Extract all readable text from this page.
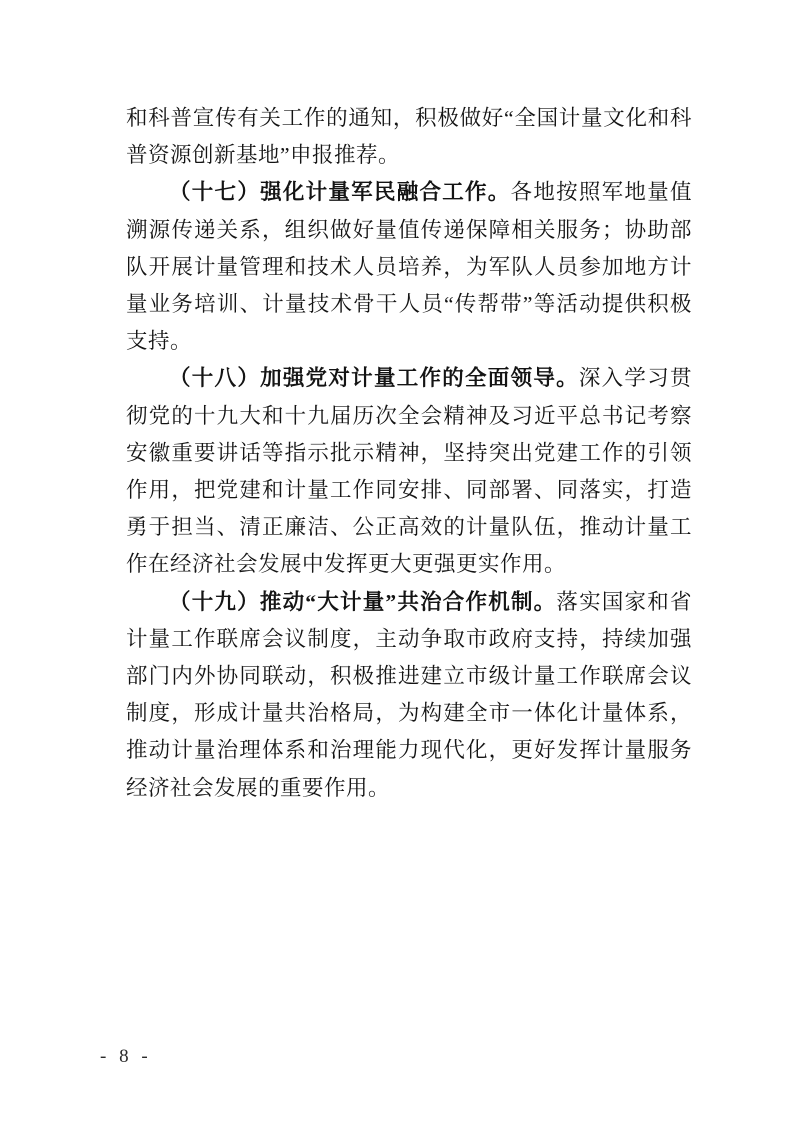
和科普宣传有关工作的通知，积极做好“全国计量文化和科普资源创新基地”申报推荐。

（十七）强化计量军民融合工作。各地按照军地量值溯源传递关系，组织做好量值传递保障相关服务；协助部队开展计量管理和技术人员培养，为军队人员参加地方计量业务培训、计量技术骨干人员“传帮带”等活动提供积极支持。

（十八）加强党对计量工作的全面领导。深入学习贯彻党的十九大和十九届历次全会精神及习近平总书记考察安徽重要讲话等指示批示精神，坚持突出党建工作的引领作用，把党建和计量工作同安排、同部署、同落实，打造勇于担当、清正廉洁、公正高效的计量队伍，推动计量工作在经济社会发展中发挥更大更强更实作用。

（十九）推动“大计量”共治合作机制。落实国家和省计量工作联席会议制度，主动争取市政府支持，持续加强部门内外协同联动，积极推进建立市级计量工作联席会议制度，形成计量共治格局，为构建全市一体化计量体系，推动计量治理体系和治理能力现代化，更好发挥计量服务经济社会发展的重要作用。

- 8 -
